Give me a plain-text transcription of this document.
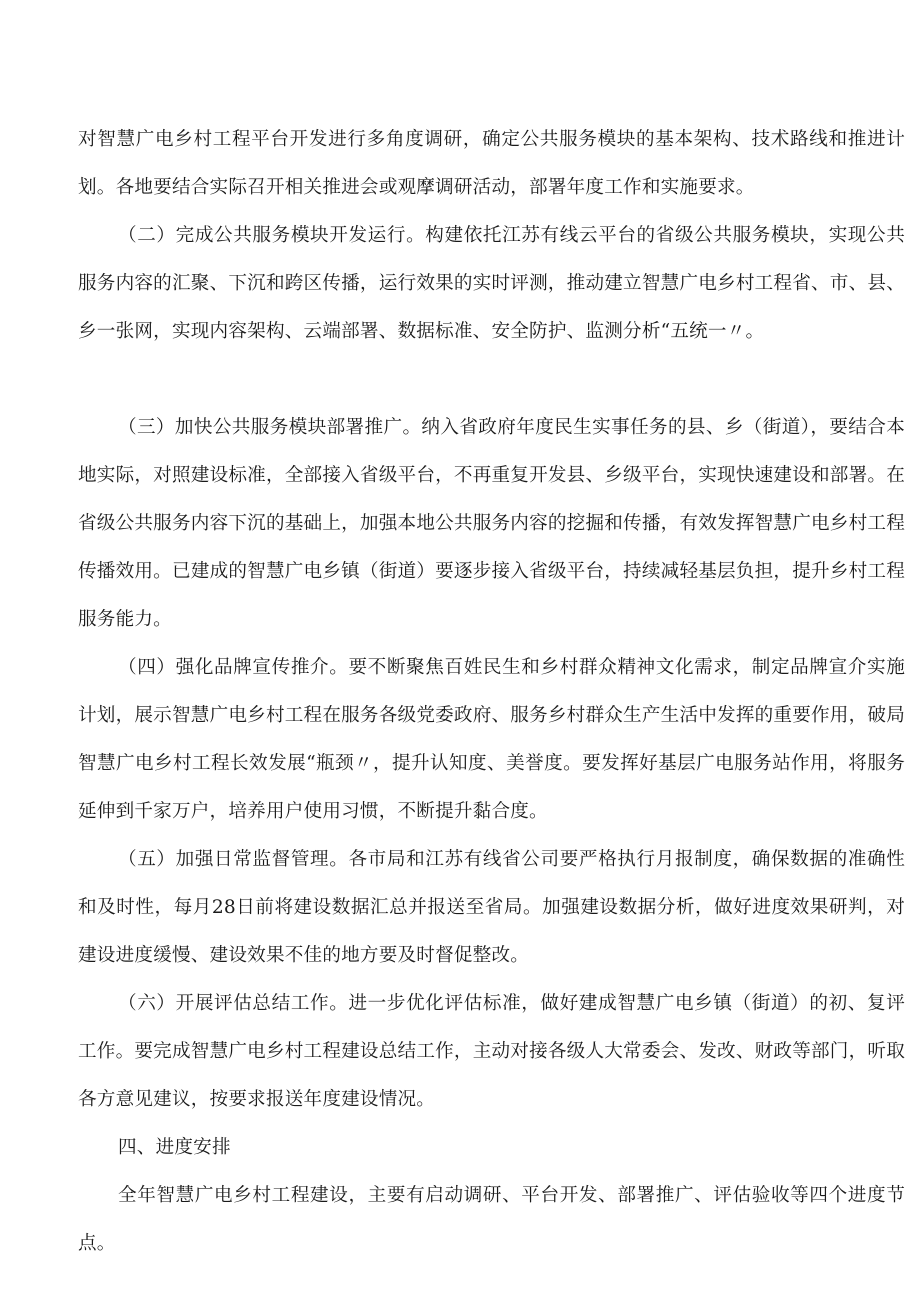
对智慧广电乡村工程平台开发进行多角度调研，确定公共服务模块的基本架构、技术路线和推进计划。各地要结合实际召开相关推进会或观摩调研活动，部署年度工作和实施要求。

（二）完成公共服务模块开发运行。构建依托江苏有线云平台的省级公共服务模块，实现公共服务内容的汇聚、下沉和跨区传播，运行效果的实时评测，推动建立智慧广电乡村工程省、市、县、乡一张网，实现内容架构、云端部署、数据标准、安全防护、监测分析“五统一〃。

（三）加快公共服务模块部署推广。纳入省政府年度民生实事任务的县、乡（街道），要结合本地实际，对照建设标准，全部接入省级平台，不再重复开发县、乡级平台，实现快速建设和部署。在省级公共服务内容下沉的基础上，加强本地公共服务内容的挖掘和传播，有效发挥智慧广电乡村工程传播效用。已建成的智慧广电乡镇（街道）要逐步接入省级平台，持续减轻基层负担，提升乡村工程服务能力。

（四）强化品牌宣传推介。要不断聚焦百姓民生和乡村群众精神文化需求，制定品牌宣介实施计划，展示智慧广电乡村工程在服务各级党委政府、服务乡村群众生产生活中发挥的重要作用，破局智慧广电乡村工程长效发展“瓶颈〃，提升认知度、美誉度。要发挥好基层广电服务站作用，将服务延伸到千家万户，培养用户使用习惯，不断提升黏合度。

（五）加强日常监督管理。各市局和江苏有线省公司要严格执行月报制度，确保数据的准确性和及时性，每月28日前将建设数据汇总并报送至省局。加强建设数据分析，做好进度效果研判，对建设进度缓慢、建设效果不佳的地方要及时督促整改。

（六）开展评估总结工作。进一步优化评估标准，做好建成智慧广电乡镇（街道）的初、复评工作。要完成智慧广电乡村工程建设总结工作，主动对接各级人大常委会、发改、财政等部门，听取各方意见建议，按要求报送年度建设情况。

四、进度安排

全年智慧广电乡村工程建设，主要有启动调研、平台开发、部署推广、评估验收等四个进度节点。
